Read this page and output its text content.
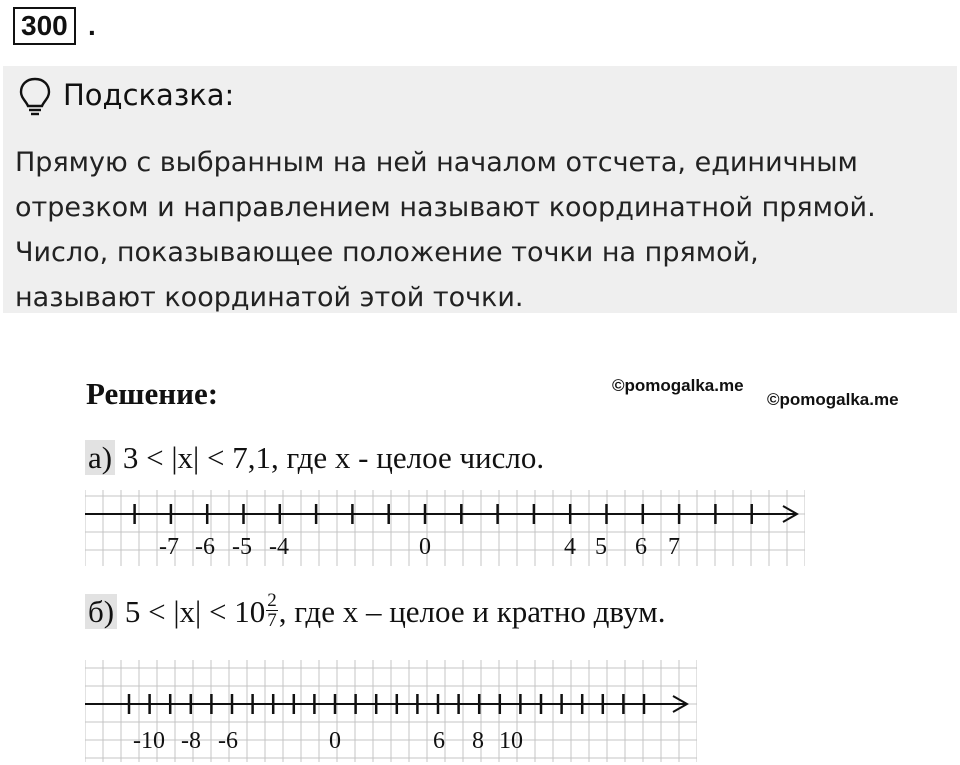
300 .
Подсказка:
Прямую с выбранным на ней началом отсчета, единичным
отрезком и направлением называют координатной прямой.
Число, показывающее положение точки на прямой,
называют координатой этой точки.
Решение:	©pomogalka.me
©pomogalka.me
а) 3 < |x| < 7,1, где x - целое число.
-7 -6 -5 -4	0	4 5 6 7
б) $5 < |x| < 10 \frac{2}{7}$ , где x – целое и кратно двум.
-10 -8 -6	0	6 8 10
